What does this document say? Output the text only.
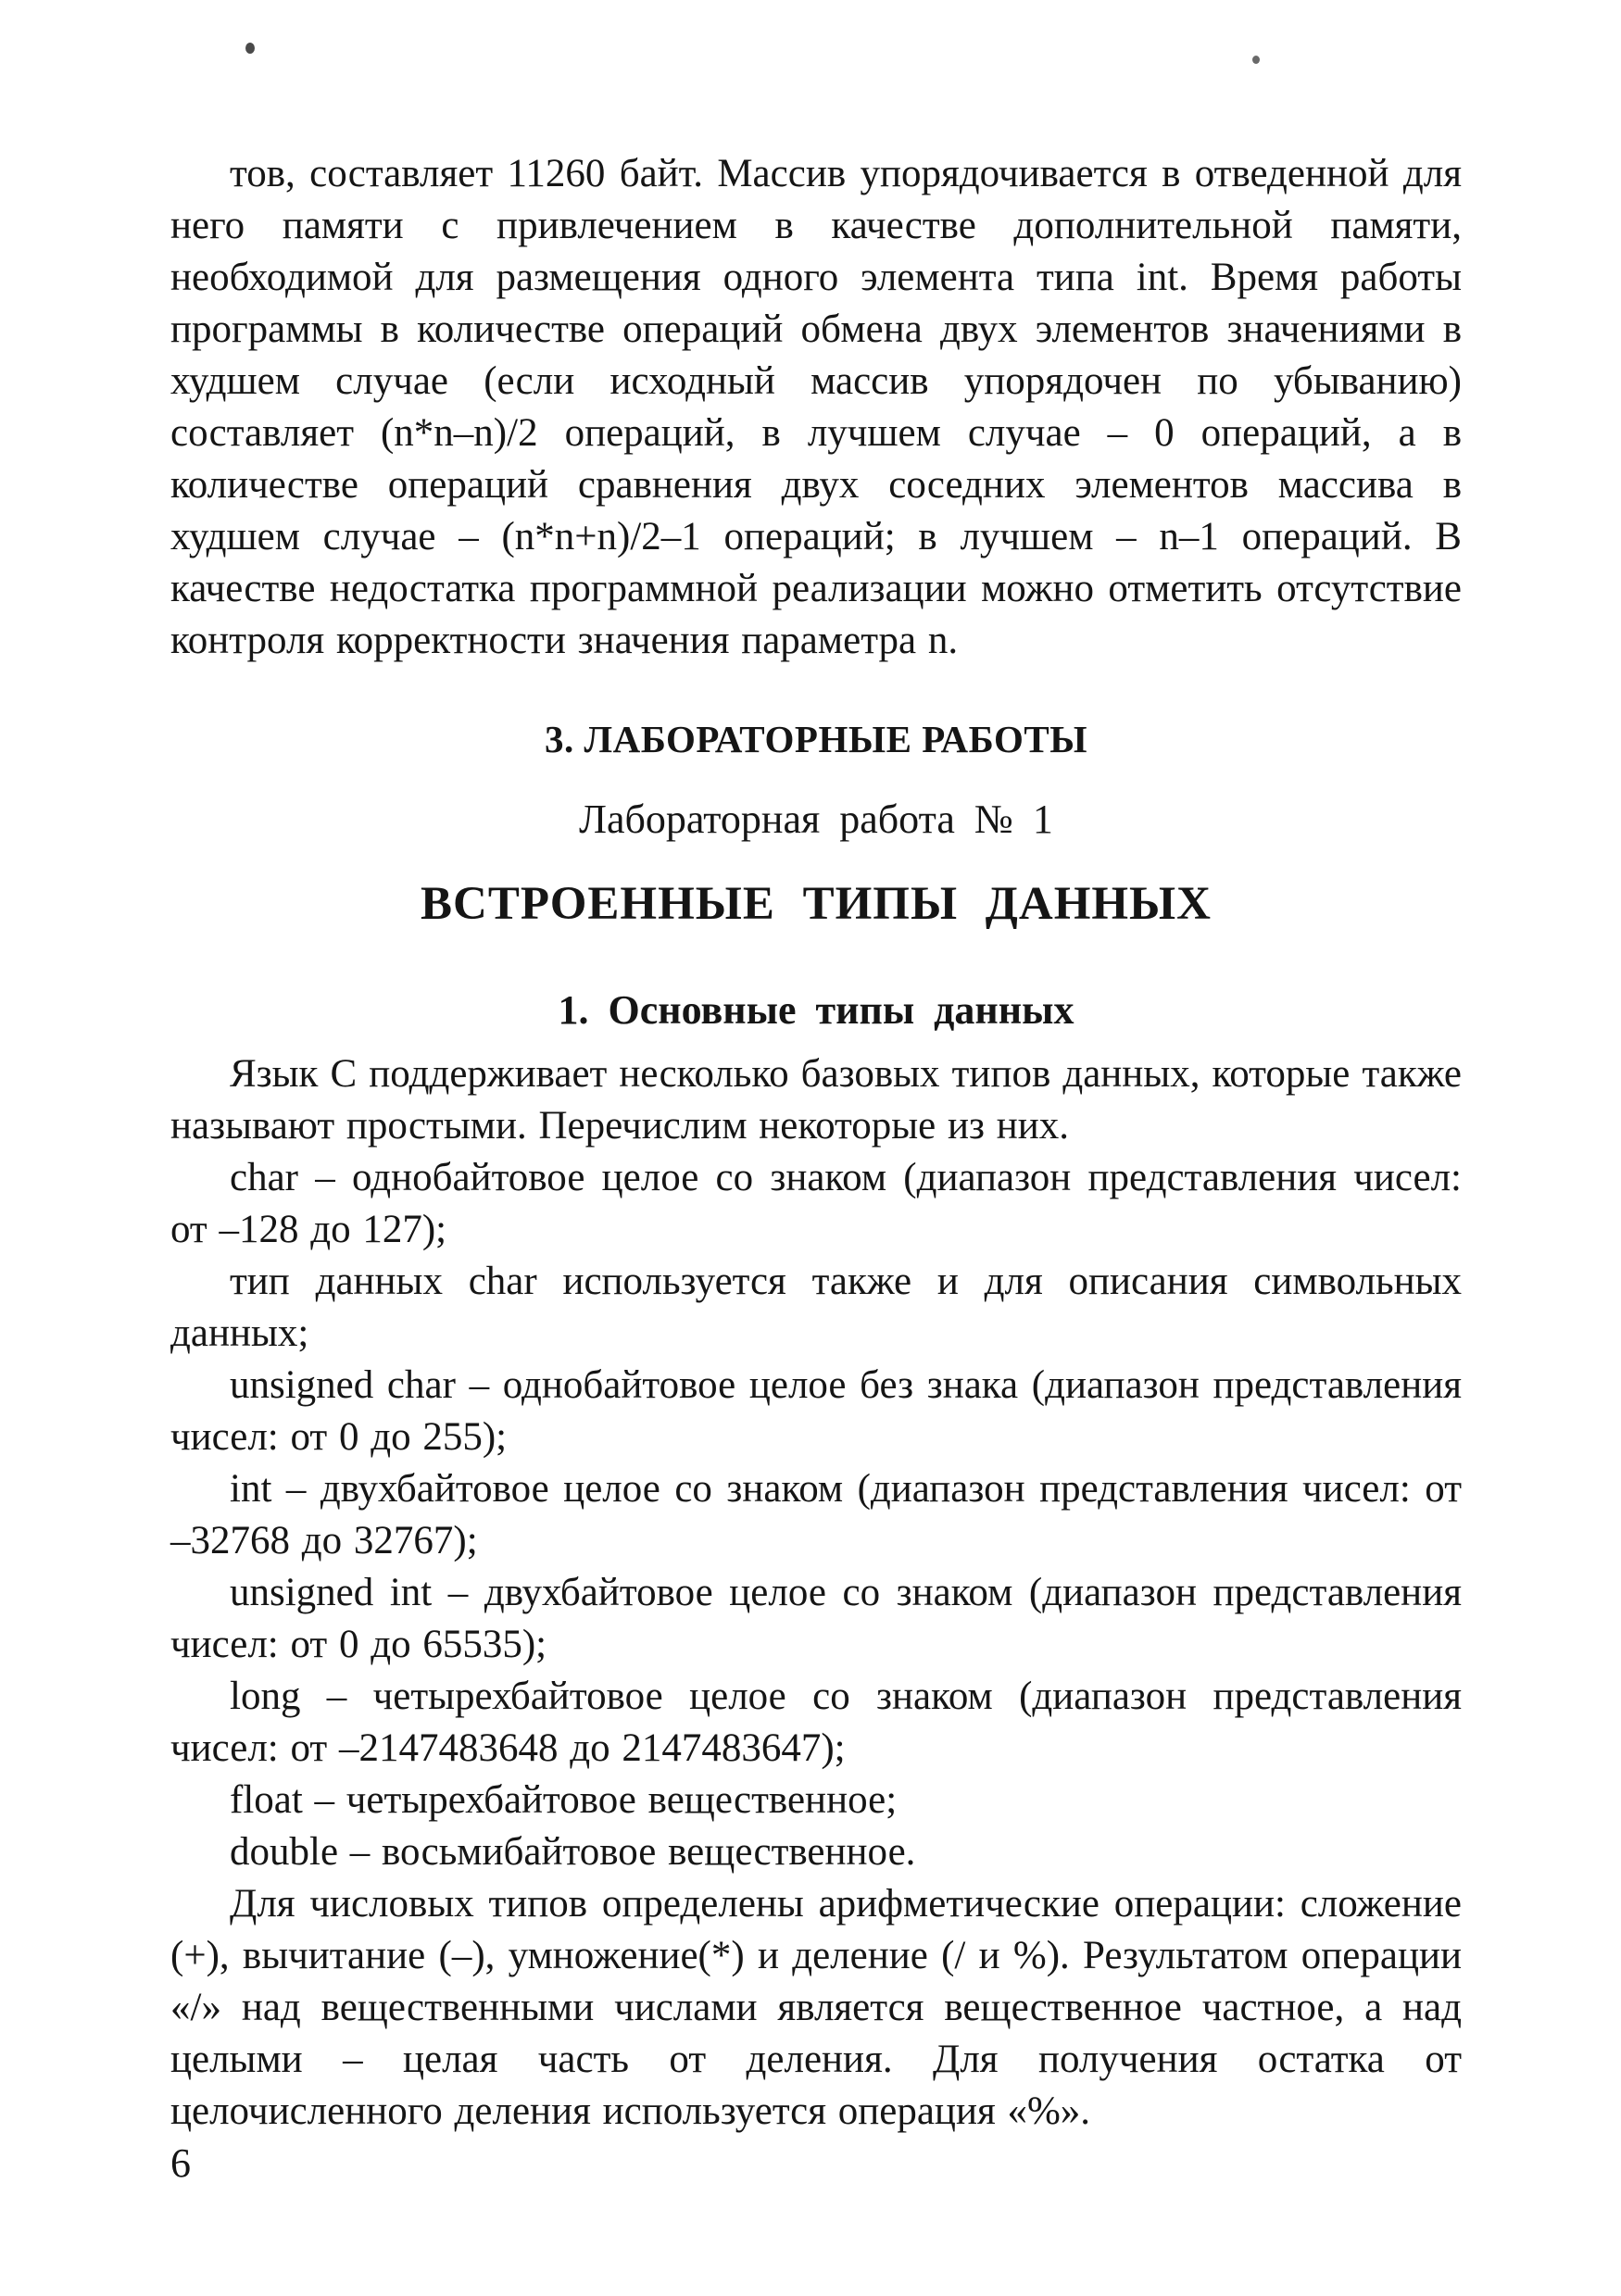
тов, составляет 11260 байт. Массив упорядочивается в отведенной для него памяти с привлечением в качестве дополнительной памяти, необходимой для размещения одного элемента типа int. Время работы программы в количестве операций обмена двух элементов значениями в худшем случае (если исходный массив упорядочен по убыванию) составляет (n*n–n)/2 операций, в лучшем случае – 0 операций, а в количестве операций сравнения двух соседних элементов массива в худшем случае – (n*n+n)/2–1 операций; в лучшем – n–1 операций. В качестве недостатка программной реализации можно отметить отсутствие контроля корректности значения параметра n.

3. ЛАБОРАТОРНЫЕ РАБОТЫ

Лабораторная работа № 1

ВСТРОЕННЫЕ ТИПЫ ДАННЫХ
1. Основные типы данных

Язык С поддерживает несколько базовых типов данных, которые также называют простыми. Перечислим некоторые из них.

char – однобайтовое целое со знаком (диапазон представления чисел: от –128 до 127);

тип данных char используется также и для описания символьных данных;

unsigned char – однобайтовое целое без знака (диапазон представления чисел: от 0 до 255);

int – двухбайтовое целое со знаком (диапазон представления чисел: от –32768 до 32767);

unsigned int – двухбайтовое целое со знаком (диапазон представления чисел: от 0 до 65535);

long – четырехбайтовое целое со знаком (диапазон представления чисел: от –2147483648 до 2147483647);

float – четырехбайтовое вещественное;

double – восьмибайтовое вещественное.

Для числовых типов определены арифметические операции: сложение (+), вычитание (–), умножение(*) и деление (/ и %). Результатом операции «/» над вещественными числами является вещественное частное, а над целыми – целая часть от деления. Для получения остатка от целочисленного деления используется операция «%».

6
